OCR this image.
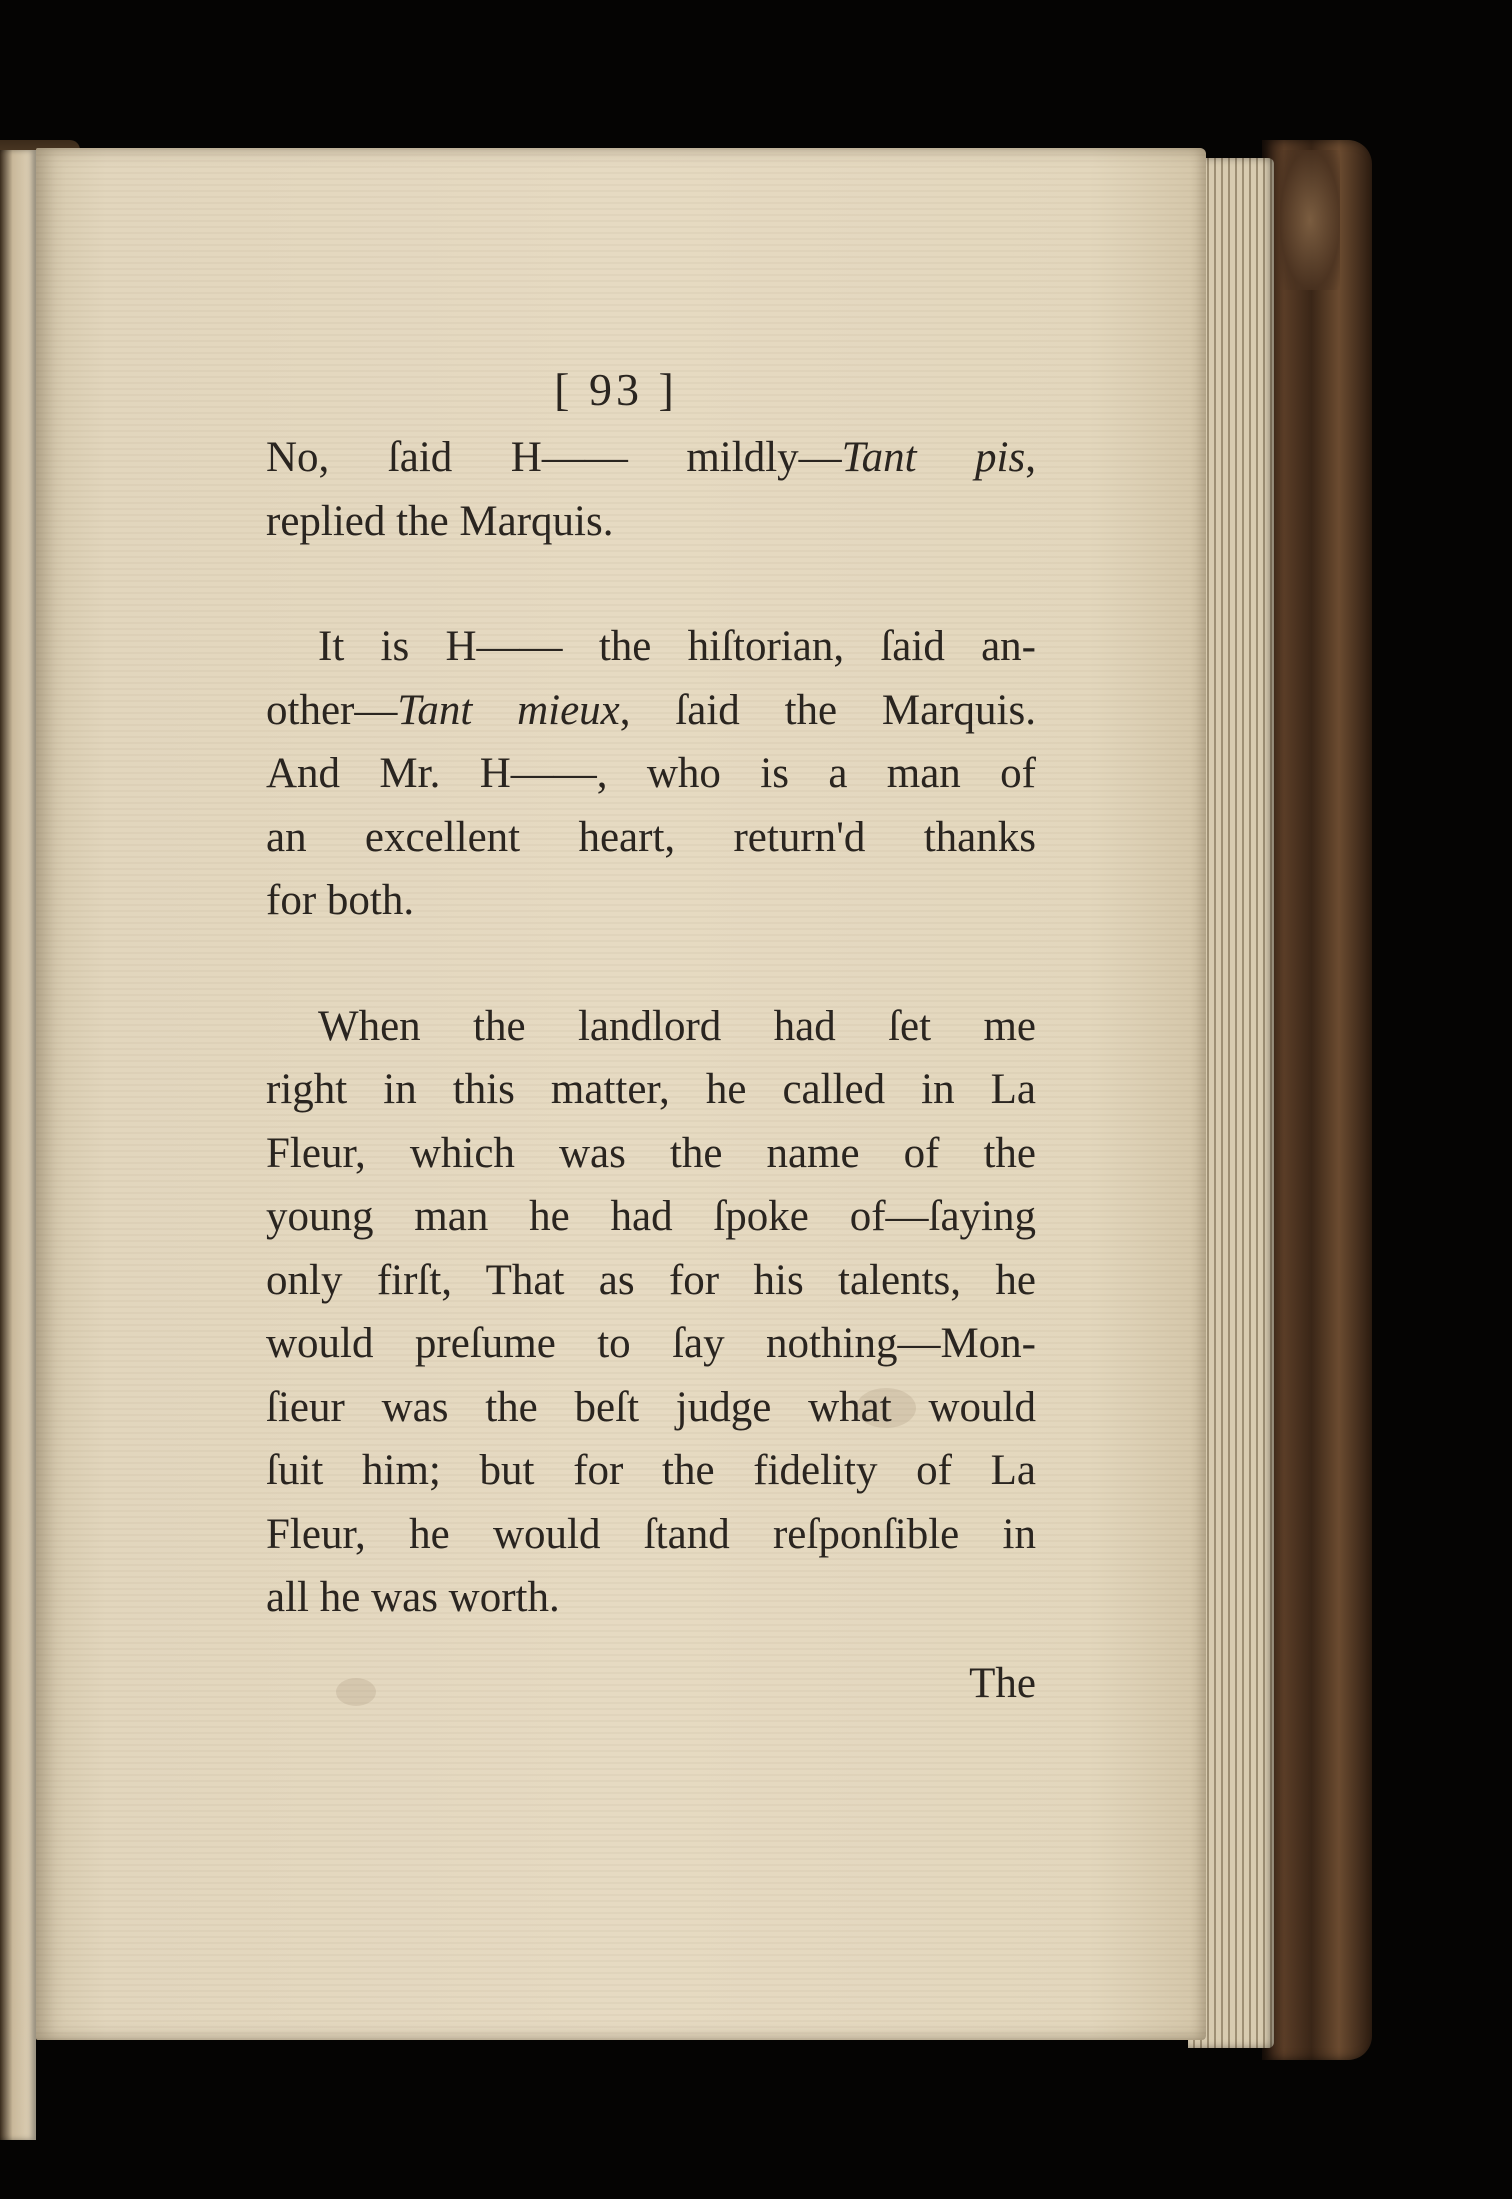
[ 93 ]
No, ſaid H—— mildly—Tant pis,
replied the Marquis.
It is H—— the hiſtorian, ſaid an-
other—Tant mieux, ſaid the Marquis.
And Mr. H——, who is a man of
an excellent heart, return'd thanks
for both.
When the landlord had ſet me
right in this matter, he called in La
Fleur, which was the name of the
young man he had ſpoke of—ſaying
only firſt, That as for his talents, he
would preſume to ſay nothing—Mon-
ſieur was the beſt judge what would
ſuit him; but for the fidelity of La
Fleur, he would ſtand reſponſible in
all he was worth.
The
